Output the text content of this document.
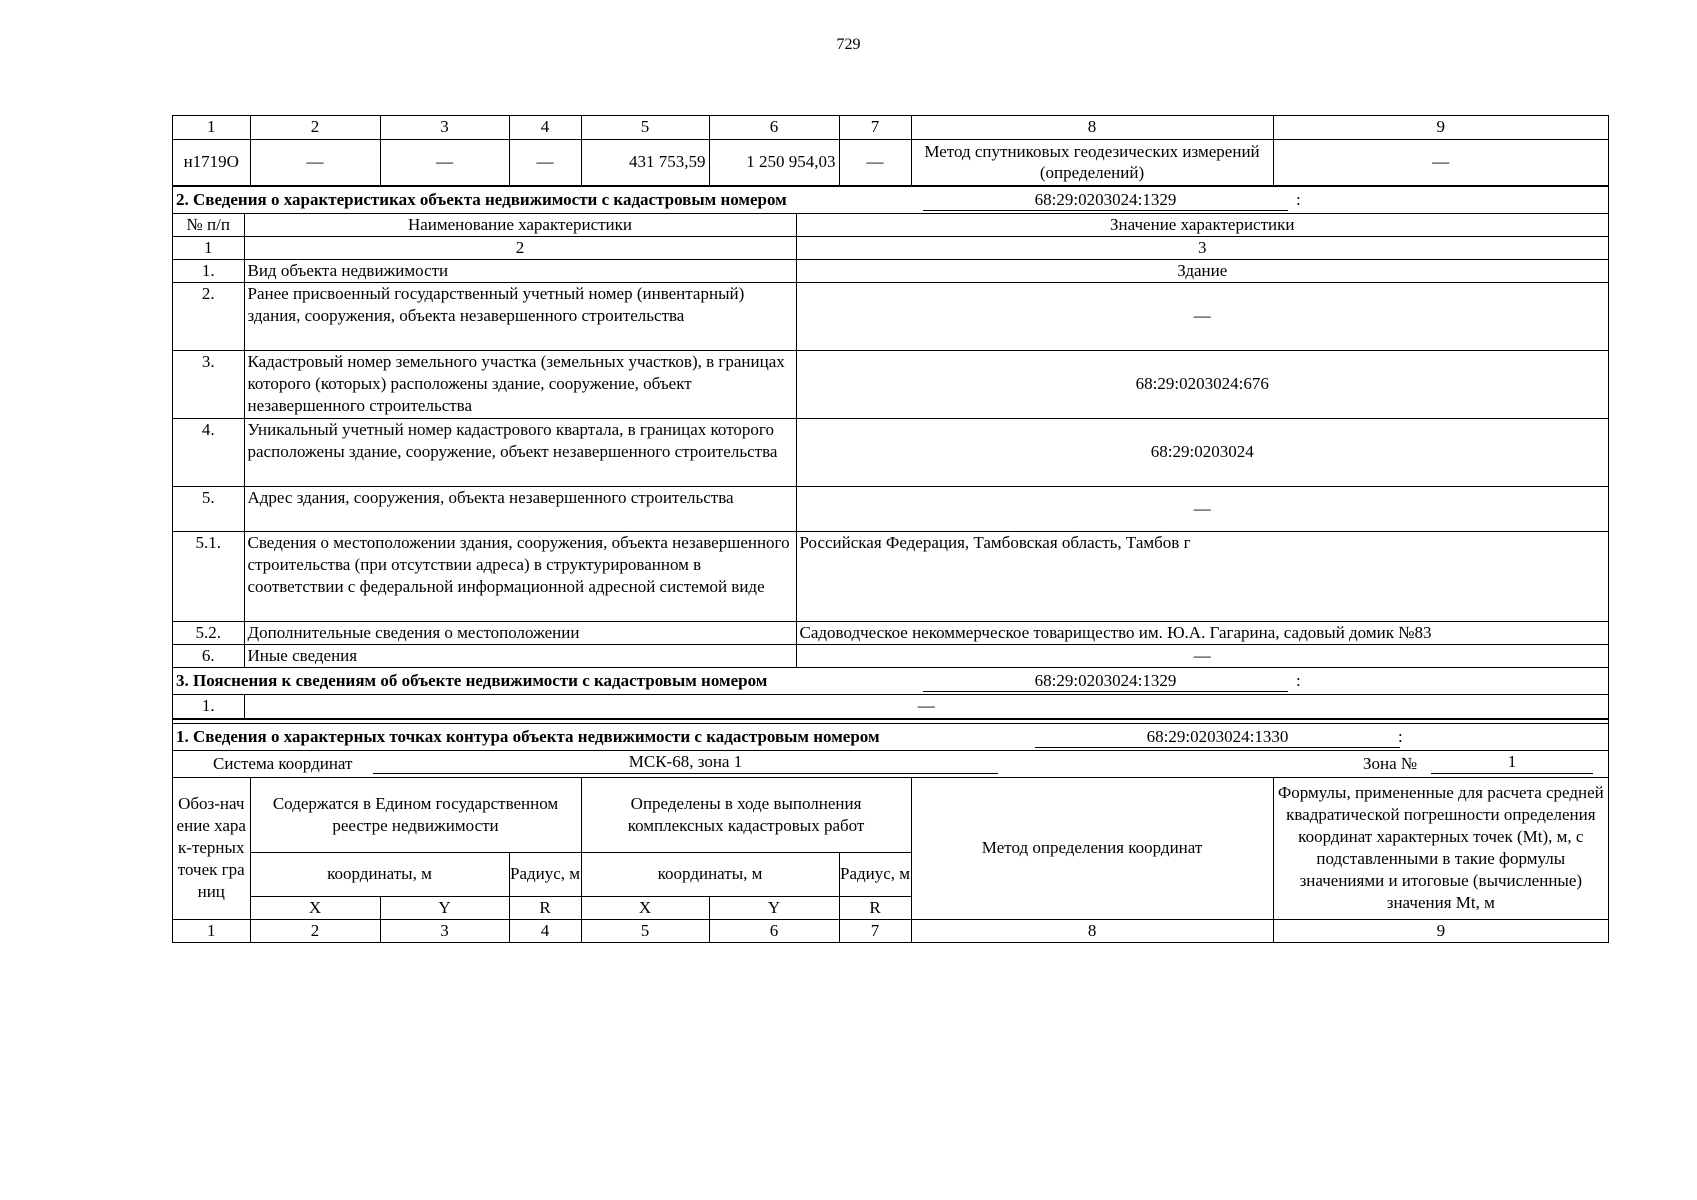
729
1	2	3	4	5	6	7	8	9
н1719О	—	—	—	431 753,59	1 250 954,03	—	Метод спутниковых геодезических измерений (определений)	—
2. Сведения о характеристиках объекта недвижимости с кадастровым номером	68:29:0203024:1329	:
№ п/п	Наименование характеристики	Значение характеристики
1	2	3
1.	Вид объекта недвижимости	Здание
2.	Ранее присвоенный государственный учетный номер (инвентарный) здания, сооружения, объекта незавершенного строительства	—
3.	Кадастровый номер земельного участка (земельных участков), в границах которого (которых) расположены здание, сооружение, объект незавершенного строительства	68:29:0203024:676
4.	Уникальный учетный номер кадастрового квартала, в границах которого расположены здание, сооружение, объект незавершенного строительства	68:29:0203024
5.	Адрес здания, сооружения, объекта незавершенного строительства	—
5.1.	Сведения о местоположении здания, сооружения, объекта незавершенного строительства (при отсутствии адреса) в структурированном в соответствии с федеральной информационной адресной системой виде	Российская Федерация, Тамбовская область, Тамбов г
5.2.	Дополнительные сведения о местоположении	Садоводческое некоммерческое товарищество им. Ю.А. Гагарина, садовый домик №83
6.	Иные сведения	—
3. Пояснения к сведениям об объекте недвижимости с кадастровым номером	68:29:0203024:1329	:
1.	—
1. Сведения о характерных точках контура объекта недвижимости с кадастровым номером	68:29:0203024:1330	:
Система координат	МСК-68, зона 1	Зона №	1
Обоз-начение харак-терных точек границ	Содержатся в Едином государственном реестре недвижимости			Определены в ходе выполнения комплексных кадастровых работ			Метод определения координат	Формулы, примененные для расчета средней квадратической погрешности определения координат характерных точек (Mt), м, с подставленными в такие формулы значениями и итоговые (вычисленные) значения Mt, м
	координаты, м		Радиус, м	координаты, м		Радиус, м		
	X	Y	R	X	Y	R		
1	2	3	4	5	6	7	8	9
